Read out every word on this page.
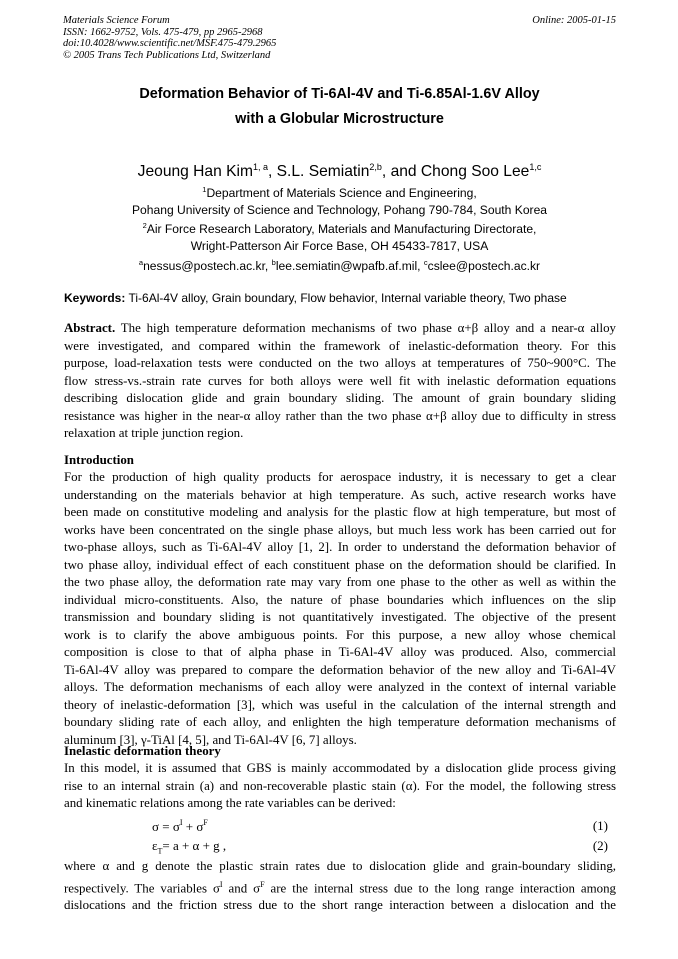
Materials Science Forum
ISSN: 1662-9752, Vols. 475-479, pp 2965-2968
doi:10.4028/www.scientific.net/MSF.475-479.2965
© 2005 Trans Tech Publications Ltd, Switzerland
Online: 2005-01-15
Deformation Behavior of Ti-6Al-4V and Ti-6.85Al-1.6V Alloy
with a Globular Microstructure
Jeoung Han Kim$^{1, a}$, S.L. Semiatin$^{2,b}$, and Chong Soo Lee$^{1,c}$
$^1$Department of Materials Science and Engineering,
Pohang University of Science and Technology, Pohang 790-784, South Korea
$^2$Air Force Research Laboratory, Materials and Manufacturing Directorate,
Wright-Patterson Air Force Base, OH 45433-7817, USA
$^a$nessus@postech.ac.kr, $^b$lee.semiatin@wpafb.af.mil, $^c$cslee@postech.ac.kr
Keywords: Ti-6Al-4V alloy, Grain boundary, Flow behavior, Internal variable theory, Two phase
Abstract. The high temperature deformation mechanisms of two phase α+β alloy and a near-α alloy
were investigated, and compared within the framework of inelastic-deformation theory. For this
purpose, load-relaxation tests were conducted on the two alloys at temperatures of 750~900°C. The
flow stress-vs.-strain rate curves for both alloys were well fit with inelastic deformation equations
describing dislocation glide and grain boundary sliding. The amount of grain boundary sliding
resistance was higher in the near-α alloy rather than the two phase α+β alloy due to difficulty in stress
relaxation at triple junction region.
Introduction
For the production of high quality products for aerospace industry, it is necessary to get a clear
understanding on the materials behavior at high temperature. As such, active research works have
been made on constitutive modeling and analysis for the plastic flow at high temperature, but most of
works have been concentrated on the single phase alloys, but much less work has been carried out for
two-phase alloys, such as Ti-6Al-4V alloy [1, 2]. In order to understand the deformation behavior of
two phase alloy, individual effect of each constituent phase on the deformation should be clarified. In
the two phase alloy, the deformation rate may vary from one phase to the other as well as within the
individual micro-constituents. Also, the nature of phase boundaries which influences on the slip
transmission and boundary sliding is not quantitatively investigated. The objective of the present
work is to clarify the above ambiguous points. For this purpose, a new alloy whose chemical
composition is close to that of alpha phase in Ti-6Al-4V alloy was produced. Also, commercial
Ti-6Al-4V alloy was prepared to compare the deformation behavior of the new alloy and Ti-6Al-4V
alloys. The deformation mechanisms of each alloy were analyzed in the context of internal variable
theory of inelastic-deformation [3], which was useful in the calculation of the internal strength and
boundary sliding rate of each alloy, and enlighten the high temperature deformation mechanisms of
aluminum [3], γ-TiAl [4, 5], and Ti-6Al-4V [6, 7] alloys.
Inelastic deformation theory
In this model, it is assumed that GBS is mainly accommodated by a dislocation glide process giving
rise to an internal strain (a) and non-recoverable plastic stain (α). For the model, the following stress
and kinematic relations among the rate variables can be derived:
$\sigma = \sigma^I + \sigma^F$	(1)
$\varepsilon_T= a + \alpha + g$ ,	(2)
where α and g denote the plastic strain rates due to dislocation glide and grain-boundary sliding,
respectively. The variables $\sigma^I$ and $\sigma^F$ are the internal stress due to the long range interaction among
dislocations and the friction stress due to the short range interaction between a dislocation and the
